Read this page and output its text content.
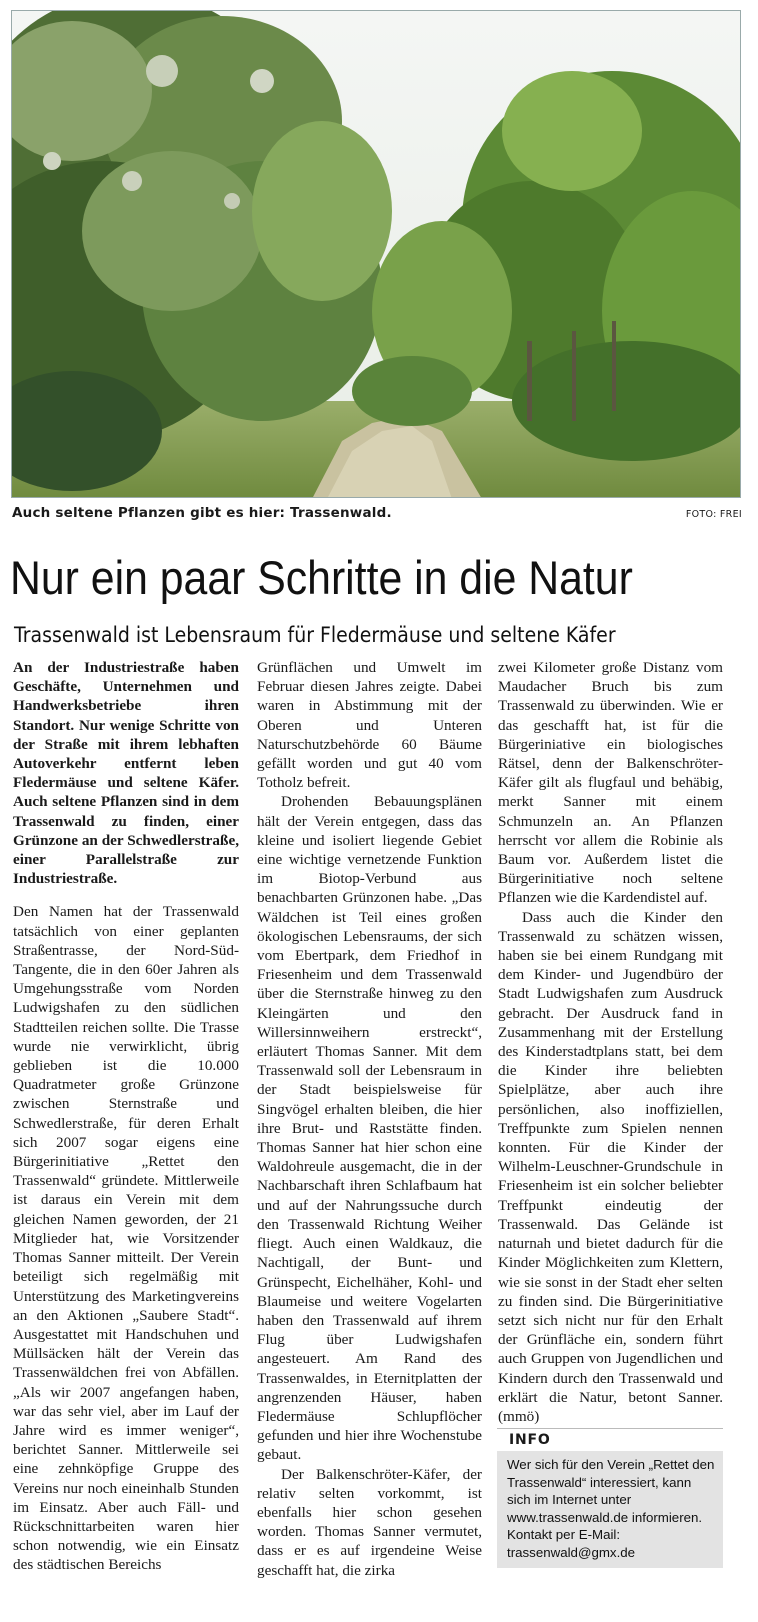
Auch seltene Pflanzen gibt es hier: Trassenwald.	FOTO: FREI
Nur ein paar Schritte in die Natur
Trassenwald ist Lebensraum für Fledermäuse und seltene Käfer

An der Industriestraße haben Geschäfte, Unternehmen und Handwerksbetriebe ihren Standort. Nur wenige Schritte von der Straße mit ihrem lebhaften Autoverkehr entfernt leben Fledermäuse und seltene Käfer. Auch seltene Pflanzen sind in dem Trassenwald zu finden, einer Grünzone an der Schwedlerstraße, einer Parallelstraße zur Industriestraße.

Den Namen hat der Trassenwald tatsächlich von einer geplanten Straßentrasse, der Nord-Süd-Tangente, die in den 60er Jahren als Umgehungsstraße vom Norden Ludwigshafen zu den südlichen Stadtteilen reichen sollte. Die Trasse wurde nie verwirklicht, übrig geblieben ist die 10.000 Quadratmeter große Grünzone zwischen Sternstraße und Schwedlerstraße, für deren Erhalt sich 2007 sogar eigens eine Bürgerinitiative „Rettet den Trassenwald“ gründete. Mittlerweile ist daraus ein Verein mit dem gleichen Namen geworden, der 21 Mitglieder hat, wie Vorsitzender Thomas Sanner mitteilt. Der Verein beteiligt sich regelmäßig mit Unterstützung des Marketingvereins an den Aktionen „Saubere Stadt“. Ausgestattet mit Handschuhen und Müllsäcken hält der Verein das Trassenwäldchen frei von Abfällen. „Als wir 2007 angefangen haben, war das sehr viel, aber im Lauf der Jahre wird es immer weniger“, berichtet Sanner. Mittlerweile sei eine zehnköpfige Gruppe des Vereins nur noch eineinhalb Stunden im Einsatz. Aber auch Fäll- und Rückschnittarbeiten waren hier schon notwendig, wie ein Einsatz des städtischen Bereichs

Grünflächen und Umwelt im Februar diesen Jahres zeigte. Dabei waren in Abstimmung mit der Oberen und Unteren Naturschutzbehörde 60 Bäume gefällt worden und gut 40 vom Totholz befreit.

Drohenden Bebauungsplänen hält der Verein entgegen, dass das kleine und isoliert liegende Gebiet eine wichtige vernetzende Funktion im Biotop-Verbund aus benachbarten Grünzonen habe. „Das Wäldchen ist Teil eines großen ökologischen Lebensraums, der sich vom Ebertpark, dem Friedhof in Friesenheim und dem Trassenwald über die Sternstraße hinweg zu den Kleingärten und den Willersinnweihern erstreckt“, erläutert Thomas Sanner. Mit dem Trassenwald soll der Lebensraum in der Stadt beispielsweise für Singvögel erhalten bleiben, die hier ihre Brut- und Raststätte finden. Thomas Sanner hat hier schon eine Waldohreule ausgemacht, die in der Nachbarschaft ihren Schlafbaum hat und auf der Nahrungssuche durch den Trassenwald Richtung Weiher fliegt. Auch einen Waldkauz, die Nachtigall, der Bunt- und Grünspecht, Eichelhäher, Kohl- und Blaumeise und weitere Vogelarten haben den Trassenwald auf ihrem Flug über Ludwigshafen angesteuert. Am Rand des Trassenwaldes, in Eternitplatten der angrenzenden Häuser, haben Fledermäuse Schlupflöcher gefunden und hier ihre Wochenstube gebaut.

Der Balkenschröter-Käfer, der relativ selten vorkommt, ist ebenfalls hier schon gesehen worden. Thomas Sanner vermutet, dass er es auf irgendeine Weise geschafft hat, die zirka

zwei Kilometer große Distanz vom Maudacher Bruch bis zum Trassenwald zu überwinden. Wie er das geschafft hat, ist für die Bürgeriniative ein biologisches Rätsel, denn der Balkenschröter-Käfer gilt als flugfaul und behäbig, merkt Sanner mit einem Schmunzeln an. An Pflanzen herrscht vor allem die Robinie als Baum vor. Außerdem listet die Bürgerinitiative noch seltene Pflanzen wie die Kardendistel auf.

Dass auch die Kinder den Trassenwald zu schätzen wissen, haben sie bei einem Rundgang mit dem Kinder- und Jugendbüro der Stadt Ludwigshafen zum Ausdruck gebracht. Der Ausdruck fand in Zusammenhang mit der Erstellung des Kinderstadtplans statt, bei dem die Kinder ihre beliebten Spielplätze, aber auch ihre persönlichen, also inoffiziellen, Treffpunkte zum Spielen nennen konnten. Für die Kinder der Wilhelm-Leuschner-Grundschule in Friesenheim ist ein solcher beliebter Treffpunkt eindeutig der Trassenwald. Das Gelände ist naturnah und bietet dadurch für die Kinder Möglichkeiten zum Klettern, wie sie sonst in der Stadt eher selten zu finden sind. Die Bürgerinitiative setzt sich nicht nur für den Erhalt der Grünfläche ein, sondern führt auch Gruppen von Jugendlichen und Kindern durch den Trassenwald und erklärt die Natur, betont Sanner. (mmö)

INFO
Wer sich für den Verein „Rettet den Trassenwald“ interessiert, kann sich im Internet unter www.trassenwald.de informieren. Kontakt per E-Mail: trassenwald@gmx.de
